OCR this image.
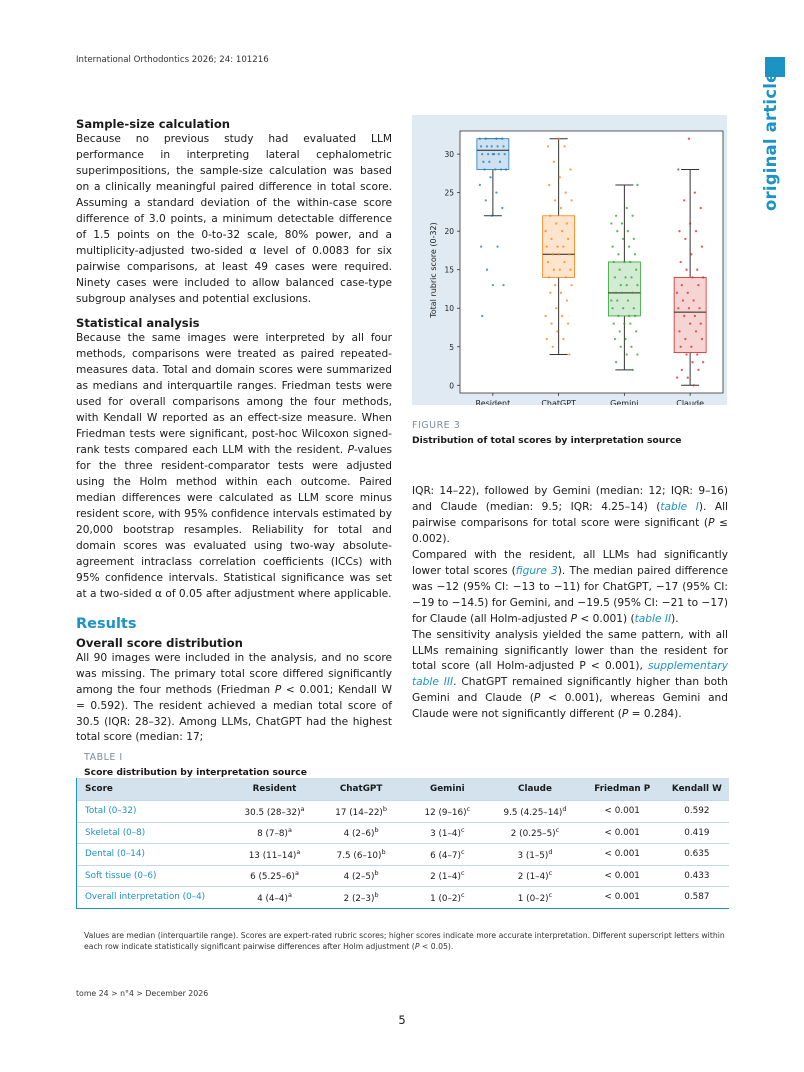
International Orthodontics 2026; 24: 101216
original article
Sample-size calculation

Because no previous study had evaluated LLM performance in interpreting lateral cephalometric superimpositions, the sample-size calculation was based on a clinically meaningful paired difference in total score. Assuming a standard deviation of the within-case score difference of 3.0 points, a minimum detectable difference of 1.5 points on the 0-to-32 scale, 80% power, and a multiplicity-adjusted two-sided α level of 0.0083 for six pairwise comparisons, at least 49 cases were required. Ninety cases were included to allow balanced case-type subgroup analyses and potential exclusions.

Statistical analysis

Because the same images were interpreted by all four methods, comparisons were treated as paired repeated-measures data. Total and domain scores were summarized as medians and interquartile ranges. Friedman tests were used for overall comparisons among the four methods, with Kendall W reported as an effect-size measure. When Friedman tests were significant, post-hoc Wilcoxon signed-rank tests compared each LLM with the resident. P-values for the three resident-comparator tests were adjusted using the Holm method within each outcome. Paired median differences were calculated as LLM score minus resident score, with 95% confidence intervals estimated by 20,000 bootstrap resamples. Reliability for total and domain scores was evaluated using two-way absolute-agreement intraclass correlation coefficients (ICCs) with 95% confidence intervals. Statistical significance was set at a two-sided α of 0.05 after adjustment where applicable.

Results
Overall score distribution

All 90 images were included in the analysis, and no score was missing. The primary total score differed significantly among the four methods (Friedman P < 0.001; Kendall W = 0.592). The resident achieved a median total score of 30.5 (IQR: 28–32). Among LLMs, ChatGPT had the highest total score (median: 17;

Total rubric score (0-32)
0
5
10
15
20
25
30
Resident	ChatGPT	Gemini	Claude
FIGURE 3
Distribution of total scores by interpretation source

IQR: 14–22), followed by Gemini (median: 12; IQR: 9–16) and Claude (median: 9.5; IQR: 4.25–14) (table I). All pairwise comparisons for total score were significant (P ≤ 0.002).

Compared with the resident, all LLMs had significantly lower total scores (figure 3). The median paired difference was −12 (95% CI: −13 to −11) for ChatGPT, −17 (95% CI: −19 to −14.5) for Gemini, and −19.5 (95% CI: −21 to −17) for Claude (all Holm-adjusted P < 0.001) (table II).

The sensitivity analysis yielded the same pattern, with all LLMs remaining significantly lower than the resident for total score (all Holm-adjusted P < 0.001), supplementary table III. ChatGPT remained significantly higher than both Gemini and Claude (P < 0.001), whereas Gemini and Claude were not significantly different (P = 0.284).

TABLE I
Score distribution by interpretation source
Score	Resident	ChatGPT	Gemini	Claude	Friedman P	Kendall W
Total (0–32)	30.5 $(28-32)^a$	17 $(14-22)^b$	12 $(9-16)^c$	9.5 $(4.25-14)^d$	< 0.001	0.592
Skeletal (0–8)	8 $(7-8)^a$	4 $(2-6)^b$	3 $(1-4)^c$	2 $(0.25-5)^c$	< 0.001	0.419
Dental (0–14)	13 $(11-14)^a$	7.5 $(6-10)^b$	6 $(4-7)^c$	3 $(1-5)^d$	< 0.001	0.635
Soft tissue (0–6)	6 $(5.25-6)^a$	4 $(2-5)^b$	2 $(1-4)^c$	2 $(1-4)^c$	< 0.001	0.433
Overall interpretation (0–4)	4 $(4-4)^a$	2 $(2-3)^b$	1 $(0-2)^c$	1 $(0-2)^c$	< 0.001	0.587
Values are median (interquartile range). Scores are expert-rated rubric scores; higher scores indicate more accurate interpretation. Different superscript letters within each row indicate statistically significant pairwise differences after Holm adjustment (P < 0.05).
tome 24 > n°4 > December 2026
5
